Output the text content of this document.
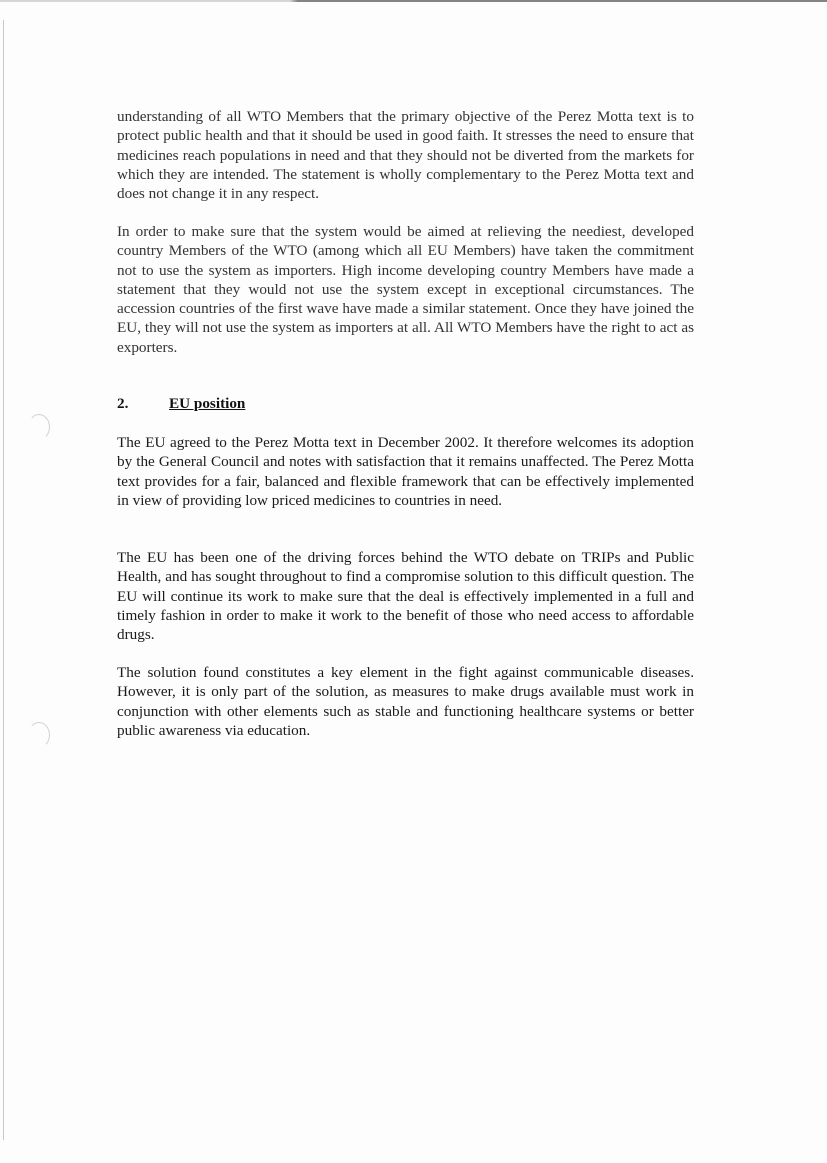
understanding of all WTO Members that the primary objective of the Perez Motta text is to protect public health and that it should be used in good faith. It stresses the need to ensure that medicines reach populations in need and that they should not be diverted from the markets for which they are intended. The statement is wholly complementary to the Perez Motta text and does not change it in any respect.

In order to make sure that the system would be aimed at relieving the neediest, developed country Members of the WTO (among which all EU Members) have taken the commitment not to use the system as importers. High income developing country Members have made a statement that they would not use the system except in exceptional circumstances. The accession countries of the first wave have made a similar statement. Once they have joined the EU, they will not use the system as importers at all. All WTO Members have the right to act as exporters.

2.	EU position

The EU agreed to the Perez Motta text in December 2002. It therefore welcomes its adoption by the General Council and notes with satisfaction that it remains unaffected. The Perez Motta text provides for a fair, balanced and flexible framework that can be effectively implemented in view of providing low priced medicines to countries in need.

The EU has been one of the driving forces behind the WTO debate on TRIPs and Public Health, and has sought throughout to find a compromise solution to this difficult question. The EU will continue its work to make sure that the deal is effectively implemented in a full and timely fashion in order to make it work to the benefit of those who need access to affordable drugs.

The solution found constitutes a key element in the fight against communicable diseases. However, it is only part of the solution, as measures to make drugs available must work in conjunction with other elements such as stable and functioning healthcare systems or better public awareness via education.
